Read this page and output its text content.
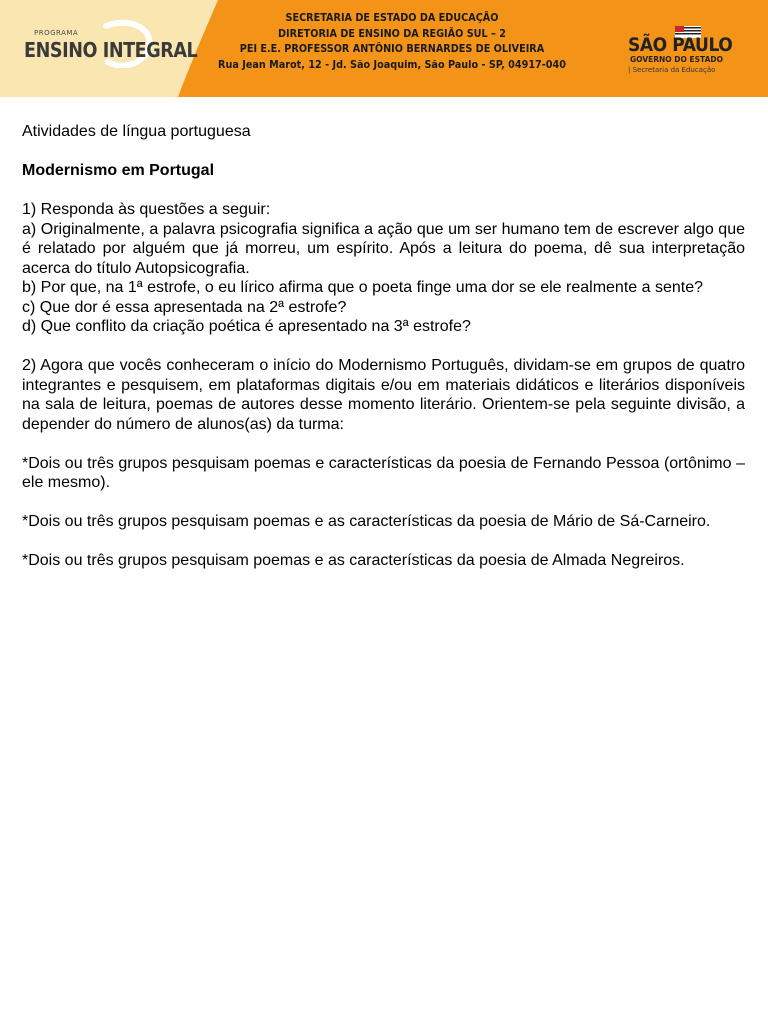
PROGRAMA
ENSINO INTEGRAL
SECRETARIA DE ESTADO DA EDUCAÇÃO
DIRETORIA DE ENSINO DA REGIÃO SUL – 2
PEI E.E. PROFESSOR ANTÔNIO BERNARDES DE OLIVEIRA
Rua Jean Marot, 12 - Jd. São Joaquim, São Paulo - SP, 04917-040
SÃO PAULO
GOVERNO DO ESTADO
| Secretaria da Educação

Atividades de língua portuguesa

Modernismo em Portugal

1) Responda às questões a seguir:

a) Originalmente, a palavra psicografia significa a ação que um ser humano tem de escrever algo que é relatado por alguém que já morreu, um espírito. Após a leitura do poema, dê sua interpretação acerca do título Autopsicografia.

b) Por que, na 1ª estrofe, o eu lírico afirma que o poeta finge uma dor se ele realmente a sente?

c) Que dor é essa apresentada na 2ª estrofe?

d) Que conflito da criação poética é apresentado na 3ª estrofe?

2) Agora que vocês conheceram o início do Modernismo Português, dividam-se em grupos de quatro integrantes e pesquisem, em plataformas digitais e/ou em materiais didáticos e literários disponíveis na sala de leitura, poemas de autores desse momento literário. Orientem-se pela seguinte divisão, a depender do número de alunos(as) da turma:

*Dois ou três grupos pesquisam poemas e características da poesia de Fernando Pessoa (ortônimo – ele mesmo).

*Dois ou três grupos pesquisam poemas e as características da poesia de Mário de Sá-Carneiro.

*Dois ou três grupos pesquisam poemas e as características da poesia de Almada Negreiros.
